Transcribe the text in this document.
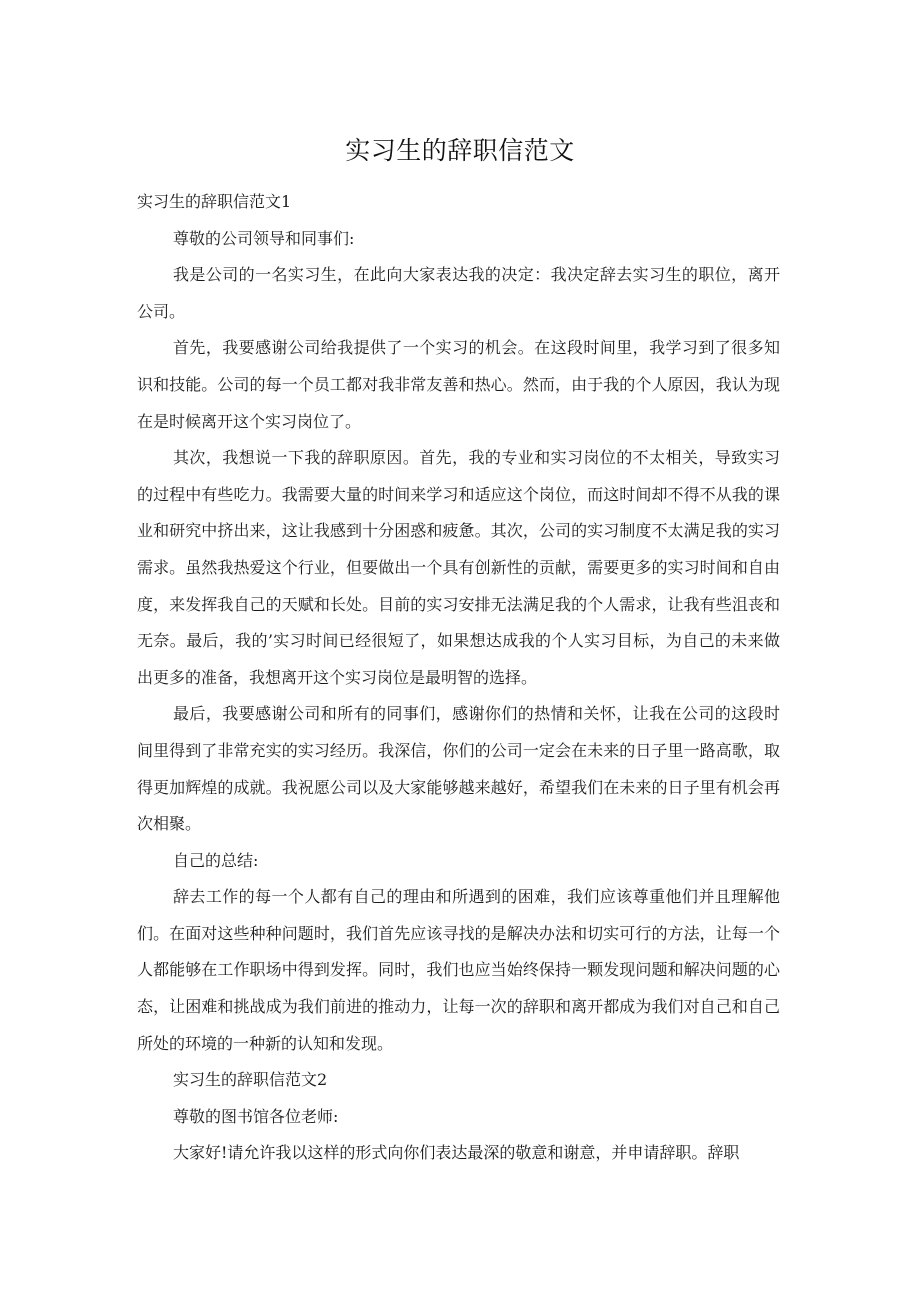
实习生的辞职信范文

实习生的辞职信范文1

尊敬的公司领导和同事们:

我是公司的一名实习生，在此向大家表达我的决定：我决定辞去实习生的职位，离开公司。

首先，我要感谢公司给我提供了一个实习的机会。在这段时间里，我学习到了很多知识和技能。公司的每一个员工都对我非常友善和热心。然而，由于我的个人原因，我认为现在是时候离开这个实习岗位了。

其次，我想说一下我的辞职原因。首先，我的专业和实习岗位的不太相关，导致实习的过程中有些吃力。我需要大量的时间来学习和适应这个岗位，而这时间却不得不从我的课业和研究中挤出来，这让我感到十分困惑和疲惫。其次，公司的实习制度不太满足我的实习需求。虽然我热爱这个行业，但要做出一个具有创新性的贡献，需要更多的实习时间和自由度，来发挥我自己的天赋和长处。目前的实习安排无法满足我的个人需求，让我有些沮丧和无奈。最后，我的’实习时间已经很短了，如果想达成我的个人实习目标，为自己的未来做出更多的准备，我想离开这个实习岗位是最明智的选择。

最后，我要感谢公司和所有的同事们，感谢你们的热情和关怀，让我在公司的这段时间里得到了非常充实的实习经历。我深信，你们的公司一定会在未来的日子里一路高歌，取得更加辉煌的成就。我祝愿公司以及大家能够越来越好，希望我们在未来的日子里有机会再次相聚。

自己的总结:

辞去工作的每一个人都有自己的理由和所遇到的困难，我们应该尊重他们并且理解他们。在面对这些种种问题时，我们首先应该寻找的是解决办法和切实可行的方法，让每一个人都能够在工作职场中得到发挥。同时，我们也应当始终保持一颗发现问题和解决问题的心态，让困难和挑战成为我们前进的推动力，让每一次的辞职和离开都成为我们对自己和自己所处的环境的一种新的认知和发现。

实习生的辞职信范文2

尊敬的图书馆各位老师:

大家好!请允许我以这样的形式向你们表达最深的敬意和谢意，并申请辞职。辞职
